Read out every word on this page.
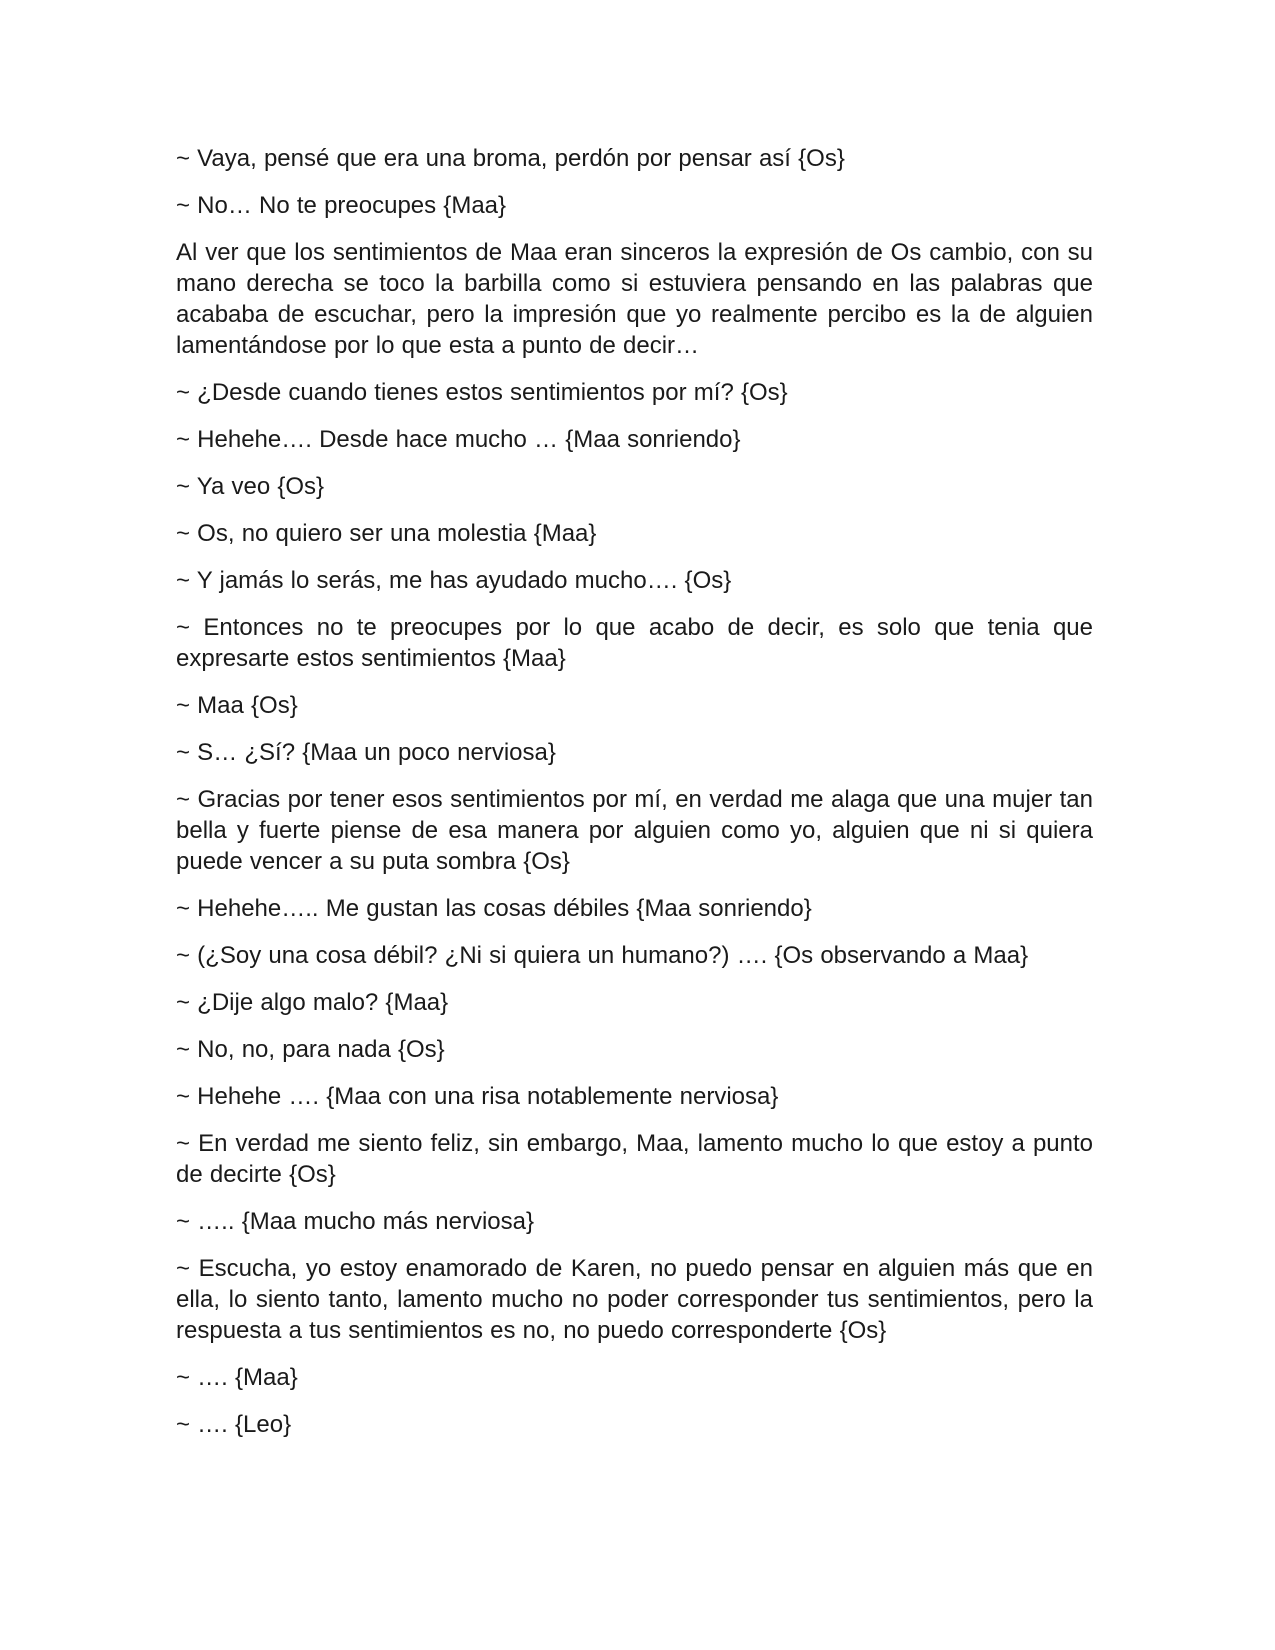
~ Vaya, pensé que era una broma, perdón por pensar así {Os}

~ No… No te preocupes {Maa}

Al ver que los sentimientos de Maa eran sinceros la expresión de Os cambio, con su mano derecha se toco la barbilla como si estuviera pensando en las palabras que acababa de escuchar, pero la impresión que yo realmente percibo es la de alguien lamentándose por lo que esta a punto de decir…

~ ¿Desde cuando tienes estos sentimientos por mí? {Os}

~ Hehehe…. Desde hace mucho … {Maa sonriendo}

~ Ya veo {Os}

~ Os, no quiero ser una molestia {Maa}

~ Y jamás lo serás, me has ayudado mucho…. {Os}

~ Entonces no te preocupes por lo que acabo de decir, es solo que tenia que expresarte estos sentimientos {Maa}

~ Maa {Os}

~ S… ¿Sí? {Maa un poco nerviosa}

~ Gracias por tener esos sentimientos por mí, en verdad me alaga que una mujer tan bella y fuerte piense de esa manera por alguien como yo, alguien que ni si quiera puede vencer a su puta sombra {Os}

~ Hehehe….. Me gustan las cosas débiles {Maa sonriendo}

~ (¿Soy una cosa débil? ¿Ni si quiera un humano?) …. {Os observando a Maa}

~ ¿Dije algo malo? {Maa}

~ No, no, para nada {Os}

~ Hehehe …. {Maa con una risa notablemente nerviosa}

~ En verdad me siento feliz, sin embargo, Maa, lamento mucho lo que estoy a punto de decirte {Os}

~ ….. {Maa mucho más nerviosa}

~ Escucha, yo estoy enamorado de Karen, no puedo pensar en alguien más que en ella, lo siento tanto, lamento mucho no poder corresponder tus sentimientos, pero la respuesta a tus sentimientos es no, no puedo corresponderte {Os}

~ …. {Maa}

~ …. {Leo}
